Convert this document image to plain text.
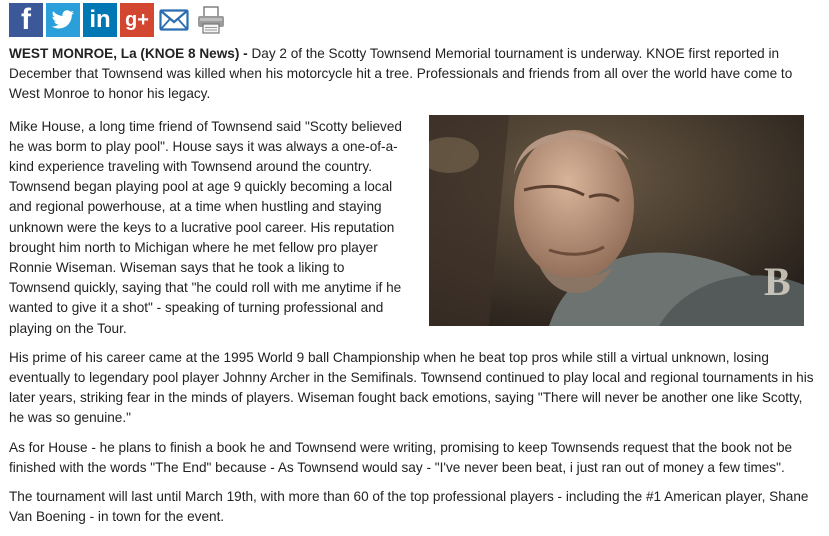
f in g+

WEST MONROE, La (KNOE 8 News) - Day 2 of the Scotty Townsend Memorial tournament is underway. KNOE first reported in December that Townsend was killed when his motorcycle hit a tree. Professionals and friends from all over the world have come to West Monroe to honor his legacy.

Mike House, a long time friend of Townsend said "Scotty believed he was borm to play pool". House says it was always a one-of-a-kind experience traveling with Townsend around the country. Townsend began playing pool at age 9 quickly becoming a local and regional powerhouse, at a time when hustling and staying unknown were the keys to a lucrative pool career. His reputation brought him north to Michigan where he met fellow pro player Ronnie Wiseman. Wiseman says that he took a liking to Townsend quickly, saying that "he could roll with me anytime if he wanted to give it a shot" - speaking of turning professional and playing on the Tour.

His prime of his career came at the 1995 World 9 ball Championship when he beat top pros while still a virtual unknown, losing eventually to legendary pool player Johnny Archer in the Semifinals. Townsend continued to play local and regional tournaments in his later years, striking fear in the minds of players. Wiseman fought back emotions, saying "There will never be another one like Scotty, he was so genuine."

As for House - he plans to finish a book he and Townsend were writing, promising to keep Townsends request that the book not be finished with the words "The End" because - As Townsend would say - "I've never been beat, i just ran out of money a few times".

The tournament will last until March 19th, with more than 60 of the top professional players - including the #1 American player, Shane Van Boening - in town for the event.

B
